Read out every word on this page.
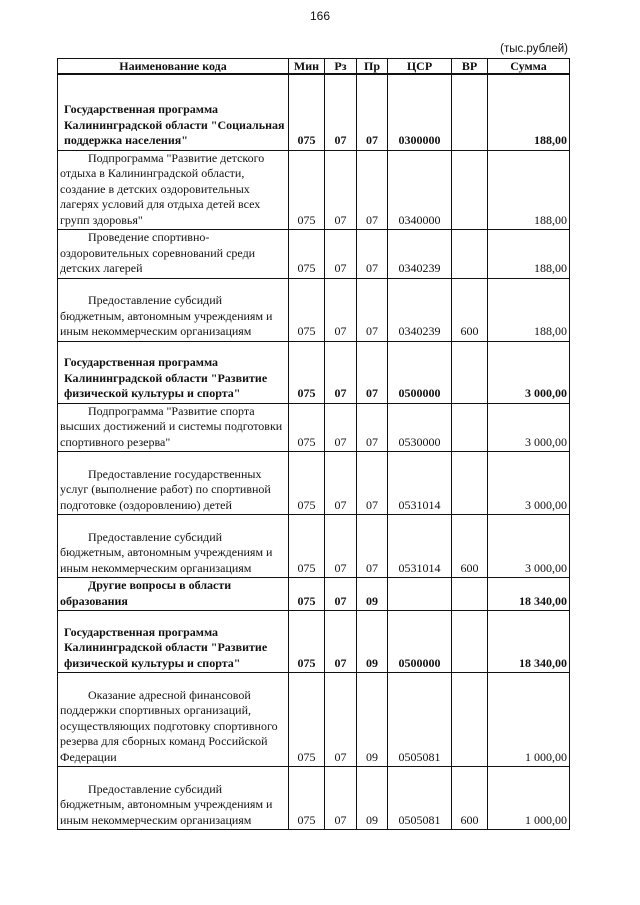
166
(тыс.рублей)
Наименование кода	Мин	Рз	Пр	ЦСР	ВР	Сумма
Государственная программа Калининградской области "Социальная поддержка населения"	075	07	07	0300000		188,00
Подпрограмма "Развитие детского отдыха в Калининградской области, создание в детских оздоровительных лагерях условий для отдыха детей всех групп здоровья"	075	07	07	0340000		188,00
Проведение спортивно-оздоровительных соревнований среди детских лагерей	075	07	07	0340239		188,00
Предоставление субсидий бюджетным, автономным учреждениям и иным некоммерческим организациям	075	07	07	0340239	600	188,00
Государственная программа Калининградской области "Развитие физической культуры и спорта"	075	07	07	0500000		3 000,00
Подпрограмма "Развитие спорта высших достижений и системы подготовки спортивного резерва"	075	07	07	0530000		3 000,00
Предоставление государственных услуг (выполнение работ) по спортивной подготовке (оздоровлению) детей	075	07	07	0531014		3 000,00
Предоставление субсидий бюджетным, автономным учреждениям и иным некоммерческим организациям	075	07	07	0531014	600	3 000,00
Другие вопросы в области образования	075	07	09			18 340,00
Государственная программа Калининградской области "Развитие физической культуры и спорта"	075	07	09	0500000		18 340,00
Оказание адресной финансовой поддержки спортивных организаций, осуществляющих подготовку спортивного резерва для сборных команд Российской Федерации	075	07	09	0505081		1 000,00
Предоставление субсидий бюджетным, автономным учреждениям и иным некоммерческим организациям	075	07	09	0505081	600	1 000,00
